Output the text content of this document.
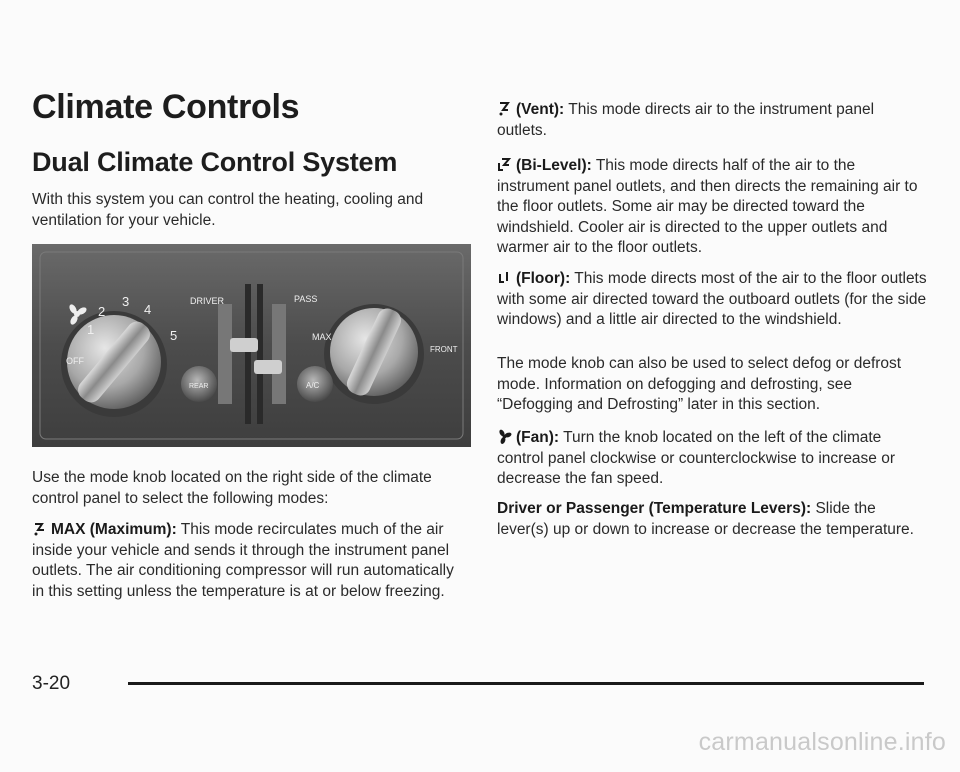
Climate Controls
Dual Climate Control System
With this system you can control the heating, cooling and ventilation for your vehicle.
2
3
4
1	5
OFF
DRIVER	PASS
MAX
FRONT
REAR	A/C
Use the mode knob located on the right side of the climate control panel to select the following modes:
MAX (Maximum): This mode recirculates much of the air inside your vehicle and sends it through the instrument panel outlets. The air conditioning compressor will run automatically in this setting unless the temperature is at or below freezing.
(Vent): This mode directs air to the instrument panel outlets.
(Bi-Level): This mode directs half of the air to the instrument panel outlets, and then directs the remaining air to the floor outlets. Some air may be directed toward the windshield. Cooler air is directed to the upper outlets and warmer air to the floor outlets.
(Floor): This mode directs most of the air to the floor outlets with some air directed toward the outboard outlets (for the side windows) and a little air directed to the windshield.
The mode knob can also be used to select defog or defrost mode. Information on defogging and defrosting, see “Defogging and Defrosting” later in this section.
(Fan): Turn the knob located on the left of the climate control panel clockwise or counterclockwise to increase or decrease the fan speed.
Driver or Passenger (Temperature Levers): Slide the lever(s) up or down to increase or decrease the temperature.
3-20
carmanualsonline.info
